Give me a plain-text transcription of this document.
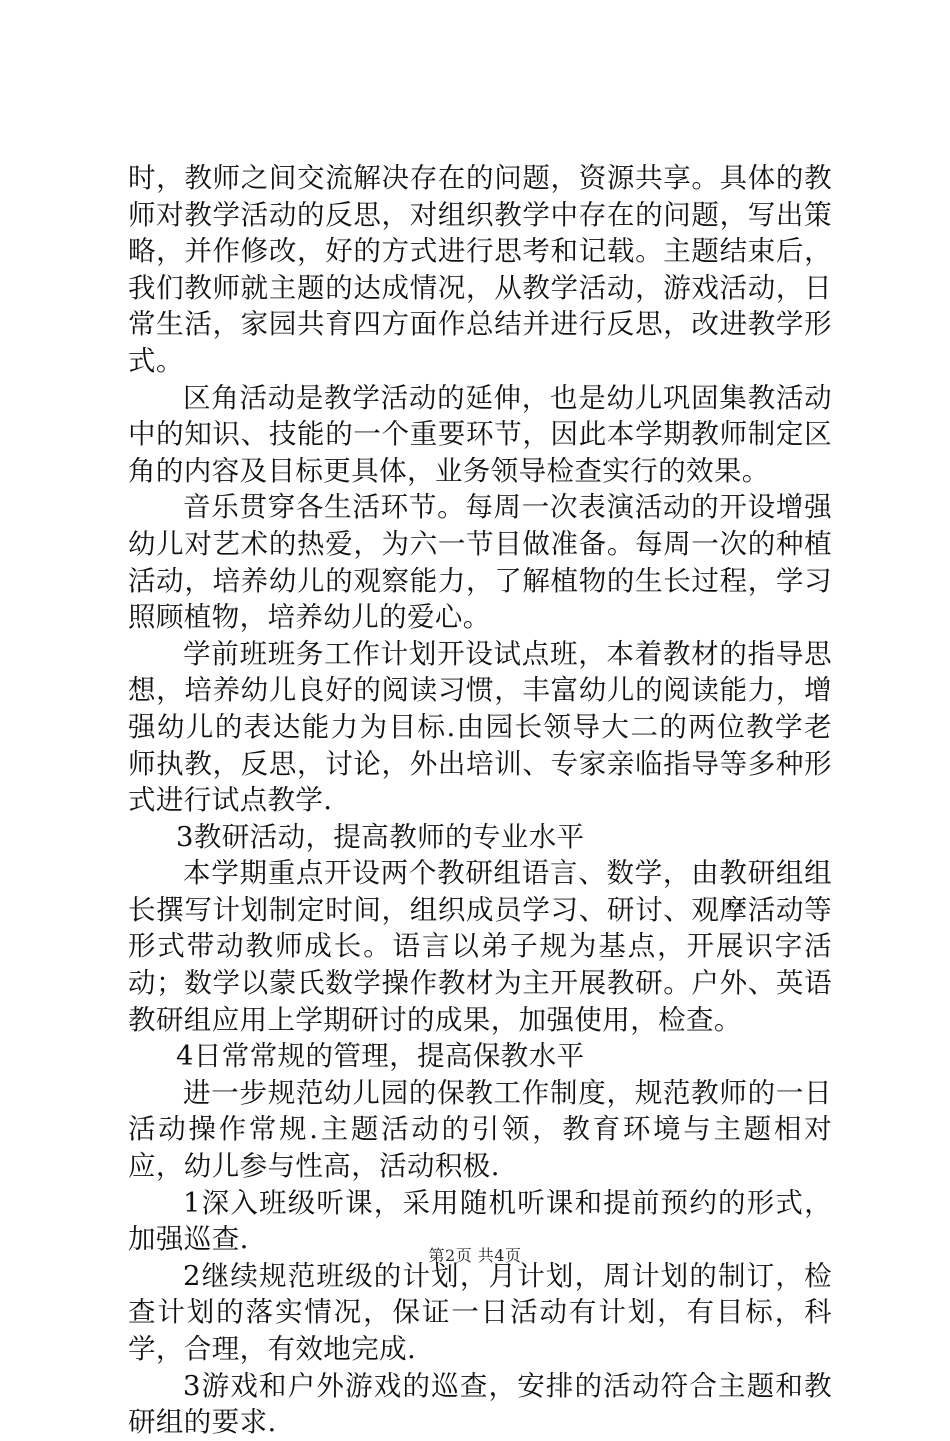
时，教师之间交流解决存在的问题，资源共享。具体的教师对教学活动的反思，对组织教学中存在的问题，写出策略，并作修改，好的方式进行思考和记载。主题结束后，我们教师就主题的达成情况，从教学活动，游戏活动，日常生活，家园共育四方面作总结并进行反思，改进教学形式。

区角活动是教学活动的延伸，也是幼儿巩固集教活动中的知识、技能的一个重要环节，因此本学期教师制定区角的内容及目标更具体，业务领导检查实行的效果。

音乐贯穿各生活环节。每周一次表演活动的开设增强幼儿对艺术的热爱，为六一节目做准备。每周一次的种植活动，培养幼儿的观察能力，了解植物的生长过程，学习照顾植物，培养幼儿的爱心。

学前班班务工作计划开设试点班，本着教材的指导思想，培养幼儿良好的阅读习惯，丰富幼儿的阅读能力，增强幼儿的表达能力为目标.由园长领导大二的两位教学老师执教，反思，讨论，外出培训、专家亲临指导等多种形式进行试点教学.

3教研活动，提高教师的专业水平

本学期重点开设两个教研组语言、数学，由教研组组长撰写计划制定时间，组织成员学习、研讨、观摩活动等形式带动教师成长。语言以弟子规为基点，开展识字活动；数学以蒙氏数学操作教材为主开展教研。户外、英语教研组应用上学期研讨的成果，加强使用，检查。

4日常常规的管理，提高保教水平

进一步规范幼儿园的保教工作制度，规范教师的一日活动操作常规.主题活动的引领，教育环境与主题相对应，幼儿参与性高，活动积极.

1深入班级听课，采用随机听课和提前预约的形式，加强巡查.

2继续规范班级的计划，月计划，周计划的制订，检查计划的落实情况，保证一日活动有计划，有目标，科学，合理，有效地完成.

3游戏和户外游戏的巡查，安排的活动符合主题和教研组的要求.

第2页 共4页
